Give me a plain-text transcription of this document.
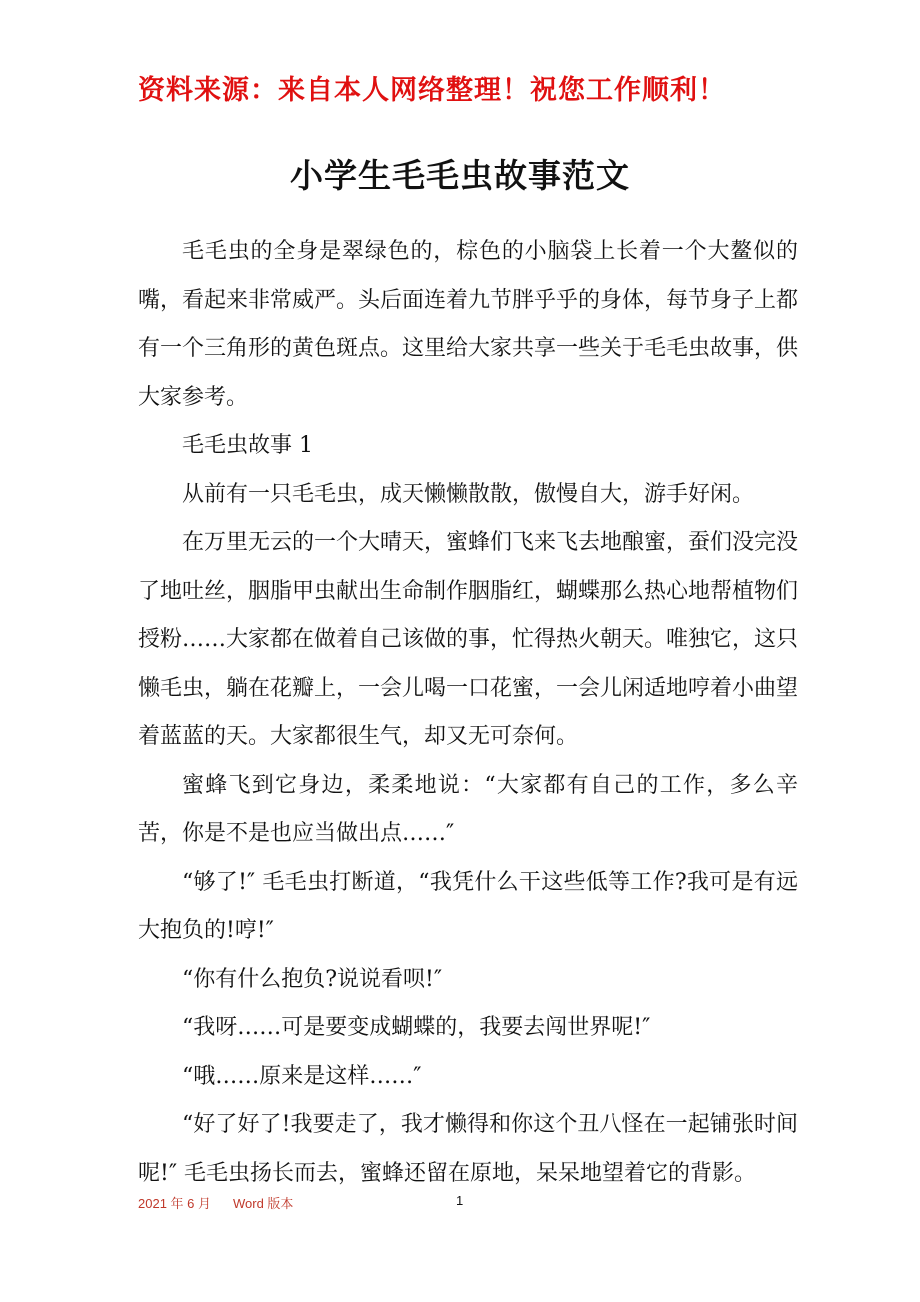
资料来源：来自本人网络整理！祝您工作顺利！
小学生毛毛虫故事范文

毛毛虫的全身是翠绿色的，棕色的小脑袋上长着一个大鳌似的嘴，看起来非常威严。头后面连着九节胖乎乎的身体，每节身子上都有一个三角形的黄色斑点。这里给大家共享一些关于毛毛虫故事，供大家参考。

毛毛虫故事 1

从前有一只毛毛虫，成天懒懒散散，傲慢自大，游手好闲。

在万里无云的一个大晴天，蜜蜂们飞来飞去地酿蜜，蚕们没完没了地吐丝，胭脂甲虫献出生命制作胭脂红，蝴蝶那么热心地帮植物们授粉……大家都在做着自己该做的事，忙得热火朝天。唯独它，这只懒毛虫，躺在花瓣上，一会儿喝一口花蜜，一会儿闲适地哼着小曲望着蓝蓝的天。大家都很生气，却又无可奈何。

蜜蜂飞到它身边，柔柔地说：“大家都有自己的工作，多么辛苦，你是不是也应当做出点……″

“够了!″ 毛毛虫打断道，“我凭什么干这些低等工作?我可是有远大抱负的!哼!″

“你有什么抱负?说说看呗!″

“我呀……可是要变成蝴蝶的，我要去闯世界呢!″

“哦……原来是这样……″

“好了好了!我要走了，我才懒得和你这个丑八怪在一起铺张时间呢!″ 毛毛虫扬长而去，蜜蜂还留在原地，呆呆地望着它的背影。

2021 年 6 月 Word 版本	1
